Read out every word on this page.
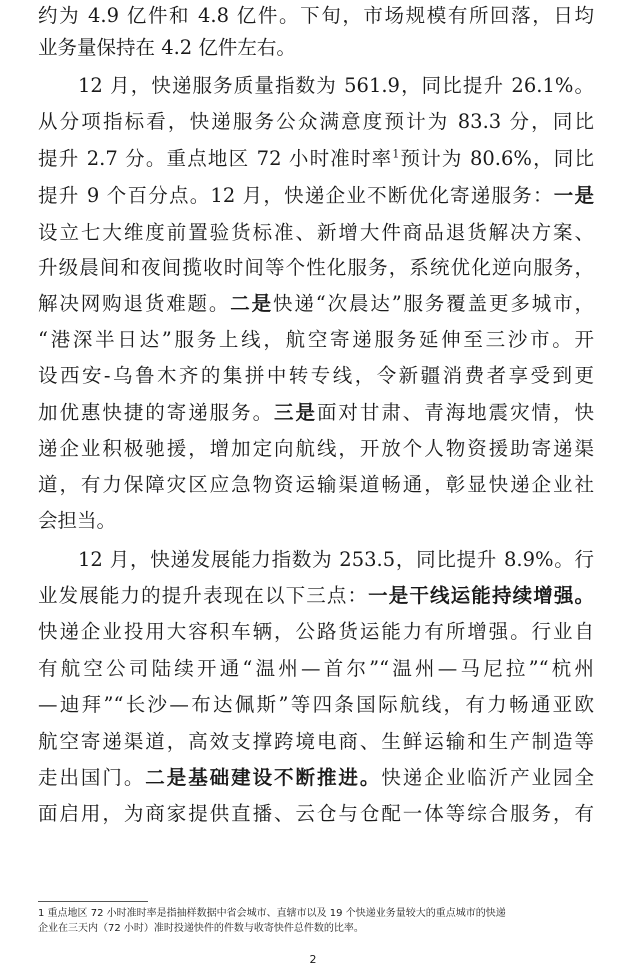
约为 4.9 亿件和 4.8 亿件。下旬，市场规模有所回落，日均
业务量保持在 4.2 亿件左右。
12 月，快递服务质量指数为 561.9，同比提升 26.1%。
从分项指标看，快递服务公众满意度预计为 83.3 分，同比
提升 2.7 分。重点地区 72 小时准时率$^1$预计为 80.6%，同比
提升 9 个百分点。12 月，快递企业不断优化寄递服务：一是
设立七大维度前置验货标准、新增大件商品退货解决方案、
升级晨间和夜间揽收时间等个性化服务，系统优化逆向服务，
解决网购退货难题。二是快递“次晨达”服务覆盖更多城市，
“港深半日达”服务上线，航空寄递服务延伸至三沙市。开
设西安-乌鲁木齐的集拼中转专线，令新疆消费者享受到更
加优惠快捷的寄递服务。三是面对甘肃、青海地震灾情，快
递企业积极驰援，增加定向航线，开放个人物资援助寄递渠
道，有力保障灾区应急物资运输渠道畅通，彰显快递企业社
会担当。
12 月，快递发展能力指数为 253.5，同比提升 8.9%。行
业发展能力的提升表现在以下三点：一是干线运能持续增强。
快递企业投用大容积车辆，公路货运能力有所增强。行业自
有航空公司陆续开通“温州—首尔”“温州—马尼拉”“杭州
—迪拜”“长沙—布达佩斯”等四条国际航线，有力畅通亚欧
航空寄递渠道，高效支撑跨境电商、生鲜运输和生产制造等
走出国门。二是基础建设不断推进。快递企业临沂产业园全
面启用，为商家提供直播、云仓与仓配一体等综合服务，有
1 重点地区 72 小时准时率是指抽样数据中省会城市、直辖市以及 19 个快递业务量较大的重点城市的快递
企业在三天内（72 小时）准时投递快件的件数与收寄快件总件数的比率。
2
